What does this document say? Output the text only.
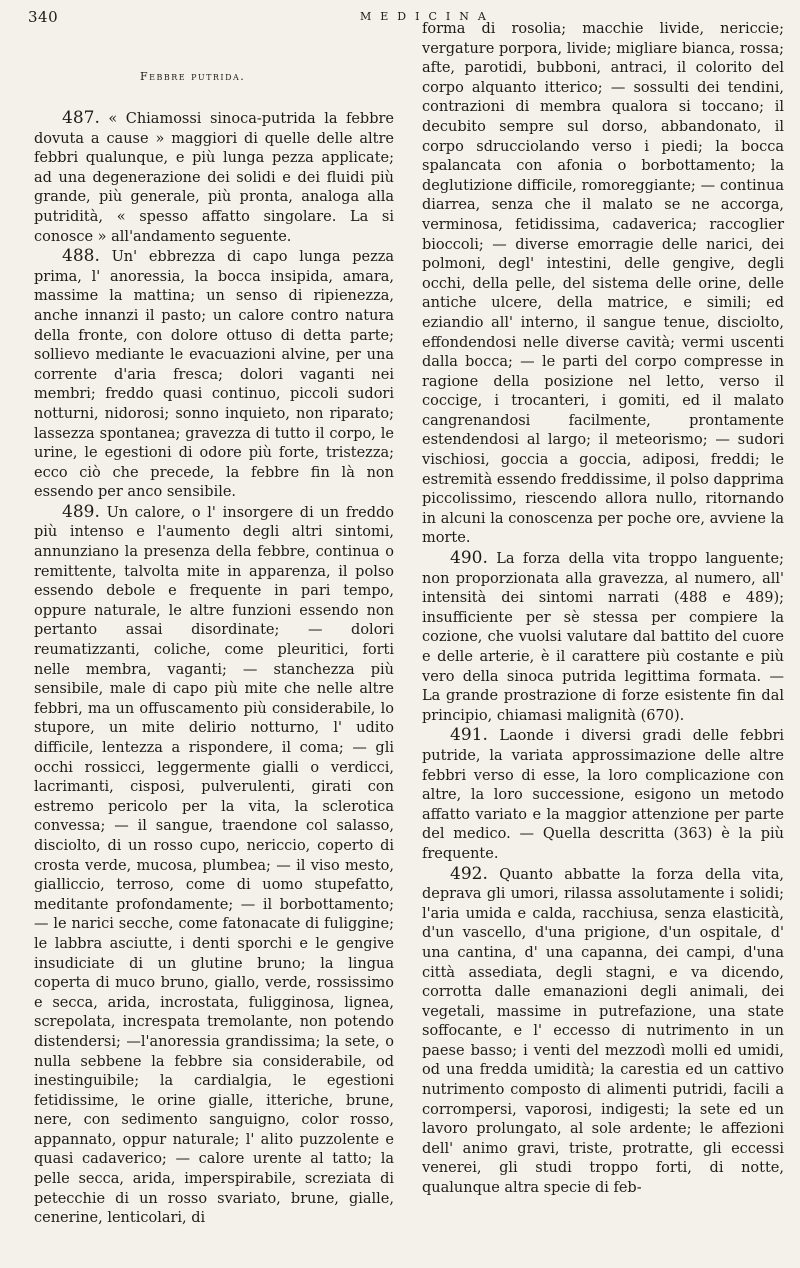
340	MEDICINA
Febbre putrida.

487. « Chiamossi sinoca-putrida la febbre dovuta a cause » maggiori di quelle delle altre febbri qualunque, e più lunga pezza applicate; ad una degenerazione dei solidi e dei fluidi più grande, più generale, più pronta, analoga alla putridità, « spesso affatto singolare. La si conosce » all'andamento seguente.

488. Un' ebbrezza di capo lunga pezza prima, l' anoressia, la bocca insipida, amara, massime la mattina; un senso di ripienezza, anche innanzi il pasto; un calore contro natura della fronte, con dolore ottuso di detta parte; sollievo mediante le evacuazioni alvine, per una corrente d'aria fresca; dolori vaganti nei membri; freddo quasi continuo, piccoli sudori notturni, nidorosi; sonno inquieto, non riparato; lassezza spontanea; gravezza di tutto il corpo, le urine, le egestioni di odore più forte, tristezza; ecco ciò che precede, la febbre fin là non essendo per anco sensibile.

489. Un calore, o l' insorgere di un freddo più intenso e l'aumento degli altri sintomi, annunziano la presenza della febbre, continua o remittente, talvolta mite in apparenza, il polso essendo debole e frequente in pari tempo, oppure naturale, le altre funzioni essendo non pertanto assai disordinate; — dolori reumatizzanti, coliche, come pleuritici, forti nelle membra, vaganti; — stanchezza più sensibile, male di capo più mite che nelle altre febbri, ma un offuscamento più considerabile, lo stupore, un mite delirio notturno, l' udito difficile, lentezza a rispondere, il coma; — gli occhi rossicci, leggermente gialli o verdicci, lacrimanti, cisposi, pulverulenti, girati con estremo pericolo per la vita, la sclerotica convessa; — il sangue, traendone col salasso, disciolto, di un rosso cupo, nericcio, coperto di crosta verde, mucosa, plumbea; — il viso mesto, gialliccio, terroso, come di uomo stupefatto, meditante profondamente; — il borbottamento; — le narici secche, come fatonacate di fuliggine; le labbra asciutte, i denti sporchi e le gengive insudiciate di un glutine bruno; la lingua coperta di muco bruno, giallo, verde, rossissimo e secca, arida, incrostata, fuligginosa, lignea, screpolata, increspata tremolante, non potendo distendersi; —l'anoressia grandissima; la sete, o nulla sebbene la febbre sia considerabile, od inestinguibile; la cardialgia, le egestioni fetidissime, le orine gialle, itteriche, brune, nere, con sedimento sanguigno, color rosso, appannato, oppur naturale; l' alito puzzolente e quasi cadaverico; — calore urente al tatto; la pelle secca, arida, imperspirabile, screziata di petecchie di un rosso svariato, brune, gialle, cenerine, lenticolari, di

forma di rosolia; macchie livide, nericcie; vergature porpora, livide; migliare bianca, rossa; afte, parotidi, bubboni, antraci, il colorito del corpo alquanto itterico; — sossulti dei tendini, contrazioni di membra qualora si toccano; il decubito sempre sul dorso, abbandonato, il corpo sdrucciolando verso i piedi; la bocca spalancata con afonia o borbottamento; la deglutizione difficile, romoreggiante; — continua diarrea, senza che il malato se ne accorga, verminosa, fetidissima, cadaverica; raccoglier bioccoli; — diverse emorragie delle narici, dei polmoni, degl' intestini, delle gengive, degli occhi, della pelle, del sistema delle orine, delle antiche ulcere, della matrice, e simili; ed eziandio all' interno, il sangue tenue, disciolto, effondendosi nelle diverse cavità; vermi uscenti dalla bocca; — le parti del corpo compresse in ragione della posizione nel letto, verso il coccige, i trocanteri, i gomiti, ed il malato cangrenandosi facilmente, prontamente estendendosi al largo; il meteorismo; — sudori vischiosi, goccia a goccia, adiposi, freddi; le estremità essendo freddissime, il polso dapprima piccolissimo, riescendo allora nullo, ritornando in alcuni la conoscenza per poche ore, avviene la morte.

490. La forza della vita troppo languente; non proporzionata alla gravezza, al numero, all' intensità dei sintomi narrati (488 e 489); insufficiente per sè stessa per compiere la cozione, che vuolsi valutare dal battito del cuore e delle arterie, è il carattere più costante e più vero della sinoca putrida legittima formata. — La grande prostrazione di forze esistente fin dal principio, chiamasi malignità (670).

491. Laonde i diversi gradi delle febbri putride, la variata approssimazione delle altre febbri verso di esse, la loro complicazione con altre, la loro successione, esigono un metodo affatto variato e la maggior attenzione per parte del medico. — Quella descritta (363) è la più frequente.

492. Quanto abbatte la forza della vita, deprava gli umori, rilassa assolutamente i solidi; l'aria umida e calda, racchiusa, senza elasticità, d'un vascello, d'una prigione, d'un ospitale, d' una cantina, d' una capanna, dei campi, d'una città assediata, degli stagni, e va dicendo, corrotta dalle emanazioni degli animali, dei vegetali, massime in putrefazione, una state soffocante, e l' eccesso di nutrimento in un paese basso; i venti del mezzodì molli ed umidi, od una fredda umidità; la carestia ed un cattivo nutrimento composto di alimenti putridi, facili a corrompersi, vaporosi, indigesti; la sete ed un lavoro prolungato, al sole ardente; le affezioni dell' animo gravi, triste, protratte, gli eccessi venerei, gli studi troppo forti, di notte, qualunque altra specie di feb-
